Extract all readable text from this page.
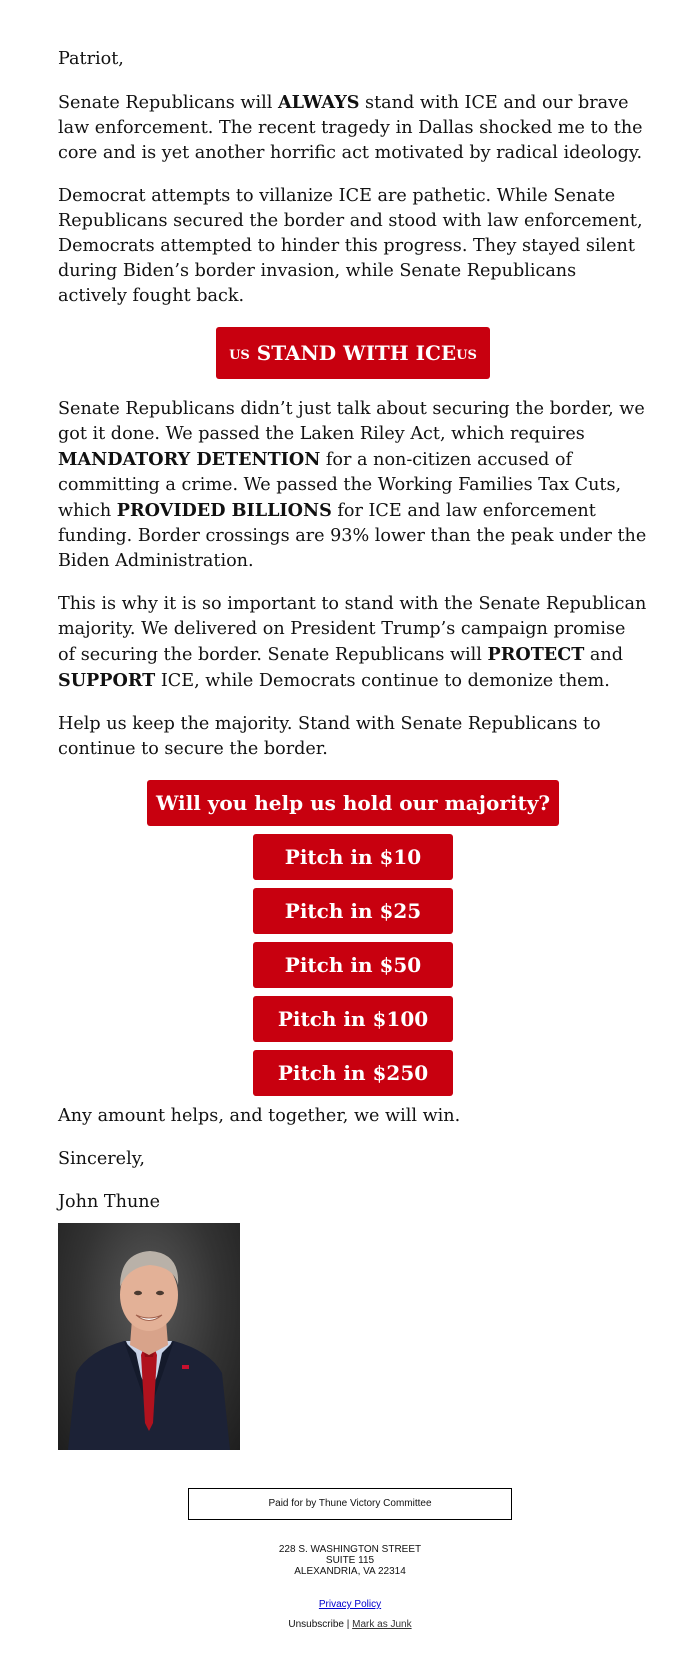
Patriot,

Senate Republicans will ALWAYS stand with ICE and our brave law enforcement. The recent tragedy in Dallas shocked me to the core and is yet another horrific act motivated by radical ideology.

Democrat attempts to villanize ICE are pathetic. While Senate Republicans secured the border and stood with law enforcement, Democrats attempted to hinder this progress. They stayed silent during Biden’s border invasion, while Senate Republicans actively fought back.

US STAND WITH ICEUS

Senate Republicans didn’t just talk about securing the border, we got it done. We passed the Laken Riley Act, which requires MANDATORY DETENTION for a non-citizen accused of committing a crime. We passed the Working Families Tax Cuts, which PROVIDED BILLIONS for ICE and law enforcement funding. Border crossings are 93% lower than the peak under the Biden Administration.

This is why it is so important to stand with the Senate Republican majority. We delivered on President Trump’s campaign promise of securing the border. Senate Republicans will PROTECT and SUPPORT ICE, while Democrats continue to demonize them.

Help us keep the majority. Stand with Senate Republicans to continue to secure the border.

Will you help us hold our majority?
Pitch in $10
Pitch in $25
Pitch in $50
Pitch in $100
Pitch in $250

Any amount helps, and together, we will win.

Sincerely,

John Thune

Paid for by Thune Victory Committee
228 S. WASHINGTON STREET
SUITE 115
ALEXANDRIA, VA 22314
Privacy Policy
Unsubscribe | Mark as Junk
